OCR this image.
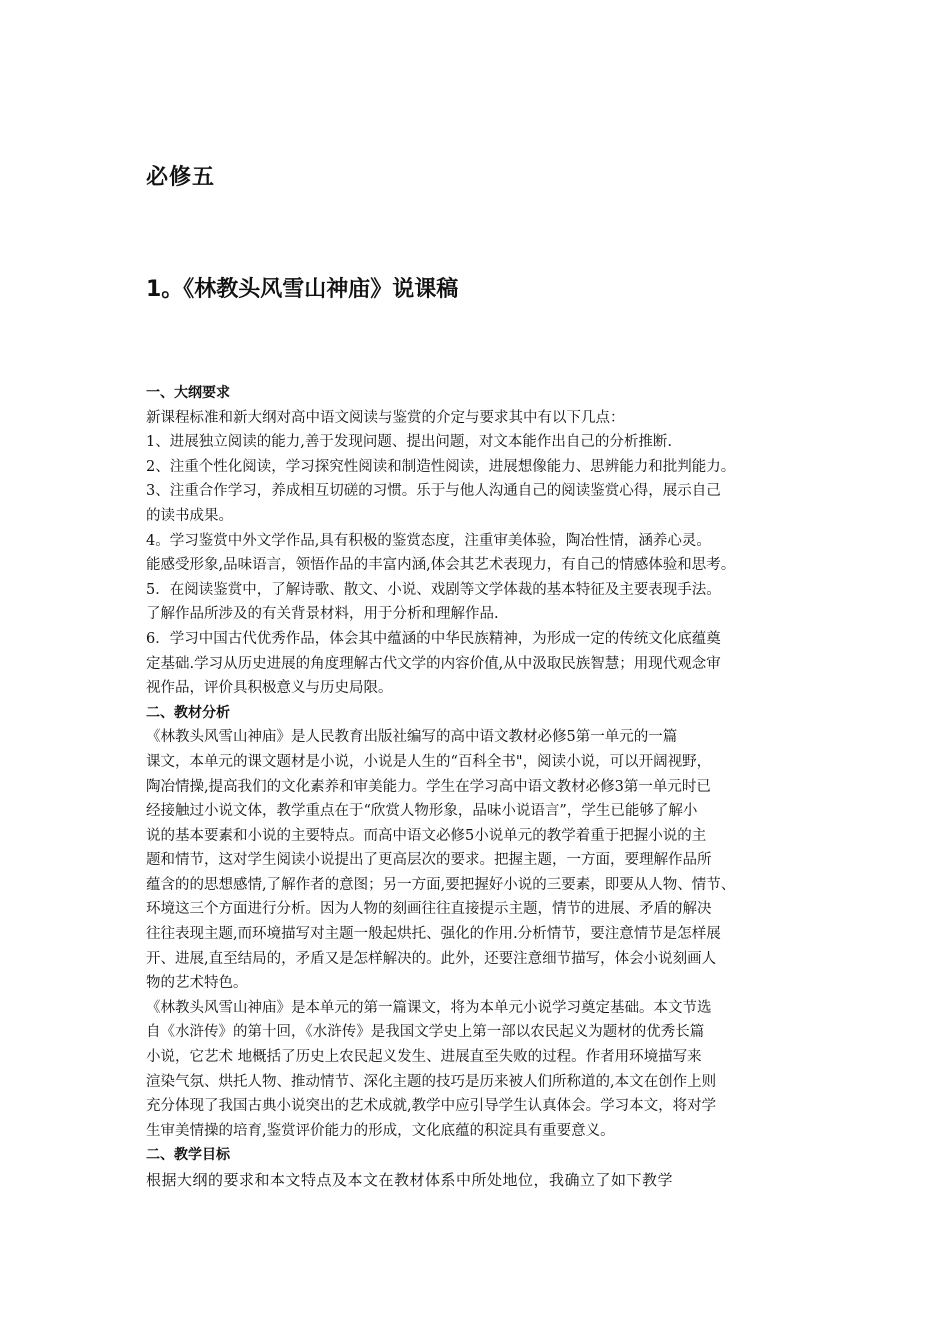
必修五
1。《林教头风雪山神庙》说课稿
一、大纲要求
新课程标准和新大纲对高中语文阅读与鉴赏的介定与要求其中有以下几点：
1、进展独立阅读的能力,善于发现问题、提出问题，对文本能作出自己的分析推断.
2、注重个性化阅读，学习探究性阅读和制造性阅读，进展想像能力、思辨能力和批判能力。
3、注重合作学习，养成相互切磋的习惯。乐于与他人沟通自己的阅读鉴赏心得，展示自己
的读书成果。
4。学习鉴赏中外文学作品,具有积极的鉴赏态度，注重审美体验，陶冶性情，涵养心灵。
能感受形象,品味语言，领悟作品的丰富内涵,体会其艺术表现力，有自己的情感体验和思考。
5．在阅读鉴赏中，了解诗歌、散文、小说、戏剧等文学体裁的基本特征及主要表现手法。
了解作品所涉及的有关背景材料，用于分析和理解作品.
6．学习中国古代优秀作品，体会其中蕴涵的中华民族精神，为形成一定的传统文化底蕴奠
定基础.学习从历史进展的角度理解古代文学的内容价值,从中汲取民族智慧；用现代观念审
视作品，评价具积极意义与历史局限。
二、教材分析
《林教头风雪山神庙》是人民教育出版社编写的高中语文教材必修5第一单元的一篇
课文，本单元的课文题材是小说，小说是人生的“百科全书"，阅读小说，可以开阔视野，
陶冶情操,提高我们的文化素养和审美能力。学生在学习高中语文教材必修3第一单元时已
经接触过小说文体，教学重点在于“欣赏人物形象，品味小说语言”，学生已能够了解小
说的基本要素和小说的主要特点。而高中语文必修5小说单元的教学着重于把握小说的主
题和情节，这对学生阅读小说提出了更高层次的要求。把握主题，一方面，要理解作品所
蕴含的的思想感情,了解作者的意图；另一方面,要把握好小说的三要素，即要从人物、情节、
环境这三个方面进行分析。因为人物的刻画往往直接提示主题，情节的进展、矛盾的解决
往往表现主题,而环境描写对主题一般起烘托、强化的作用.分析情节，要注意情节是怎样展
开、进展,直至结局的，矛盾又是怎样解决的。此外，还要注意细节描写，体会小说刻画人
物的艺术特色。
《林教头风雪山神庙》是本单元的第一篇课文，将为本单元小说学习奠定基础。本文节选
自《水浒传》的第十回，《水浒传》是我国文学史上第一部以农民起义为题材的优秀长篇
小说，它艺术 地概括了历史上农民起义发生、进展直至失败的过程。作者用环境描写来
渲染气氛、烘托人物、推动情节、深化主题的技巧是历来被人们所称道的,本文在创作上则
充分体现了我国古典小说突出的艺术成就,教学中应引导学生认真体会。学习本文，将对学
生审美情操的培育,鉴赏评价能力的形成，文化底蕴的积淀具有重要意义。
二、教学目标
根据大纲的要求和本文特点及本文在教材体系中所处地位，我确立了如下教学
